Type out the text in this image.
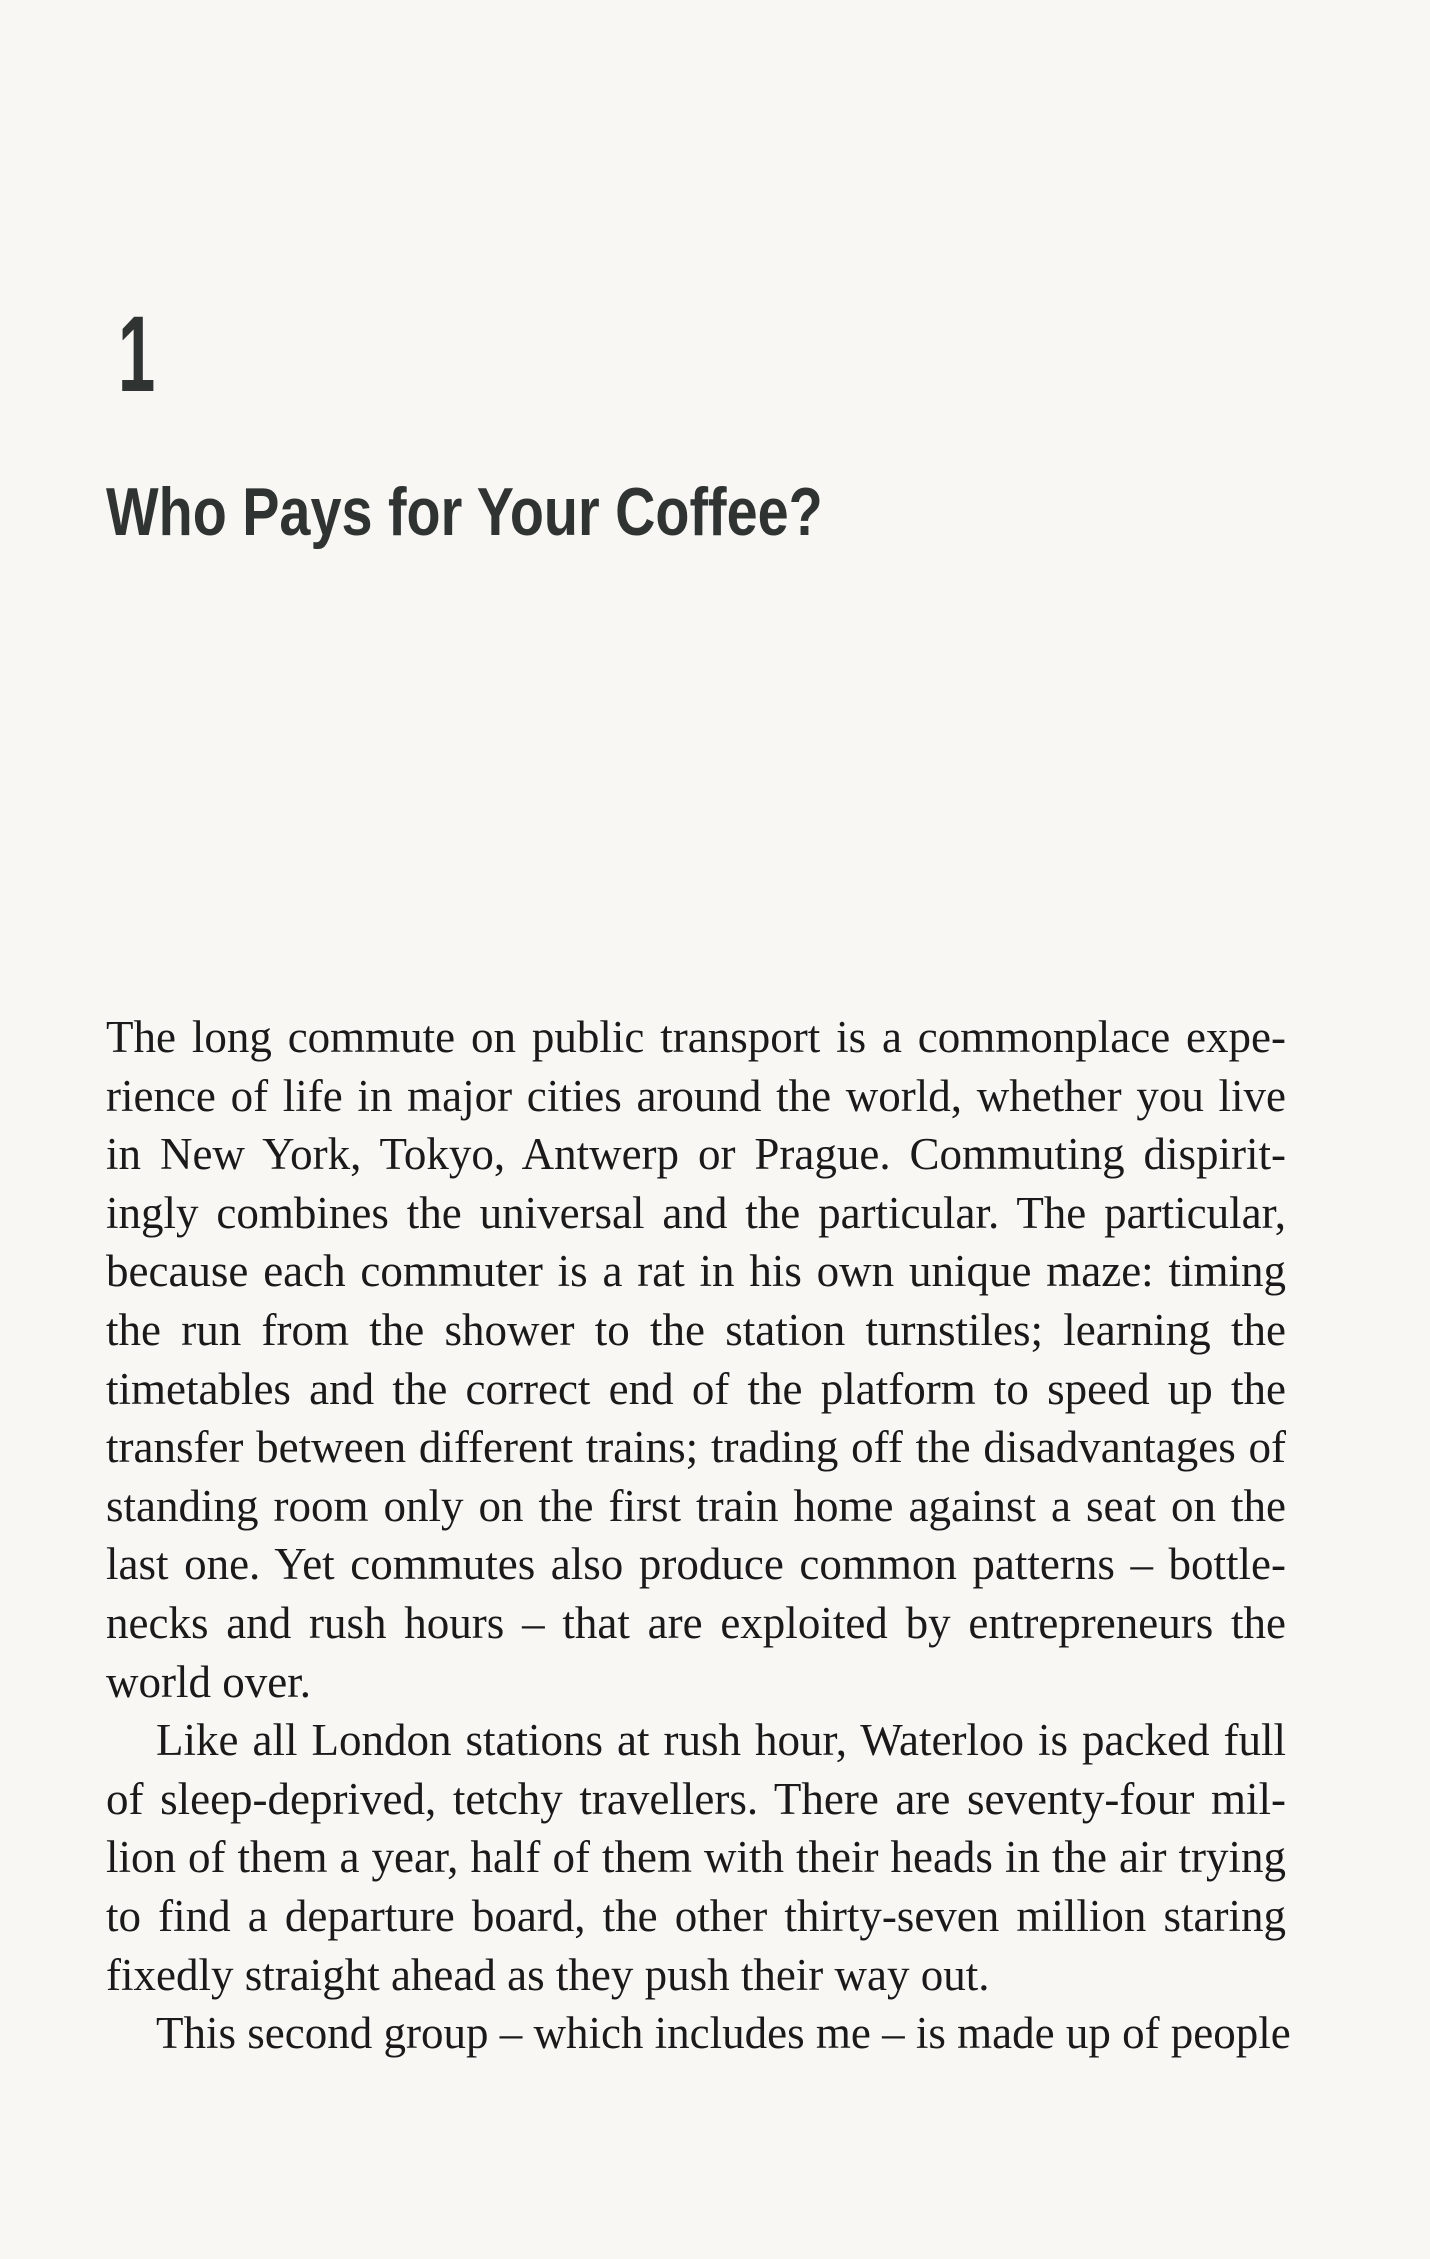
1
Who Pays for Your Coffee?

The long commute on public transport is a commonplace expe-
rience of life in major cities around the world, whether you live
in New York, Tokyo, Antwerp or Prague. Commuting dispirit-
ingly combines the universal and the particular. The particular,
because each commuter is a rat in his own unique maze: timing
the run from the shower to the station turnstiles; learning the
timetables and the correct end of the platform to speed up the
transfer between different trains; trading off the disadvantages of
standing room only on the first train home against a seat on the
last one. Yet commutes also produce common patterns – bottle-
necks and rush hours – that are exploited by entrepreneurs the
world over.

Like all London stations at rush hour, Waterloo is packed full
of sleep-deprived, tetchy travellers. There are seventy-four mil-
lion of them a year, half of them with their heads in the air trying
to find a departure board, the other thirty-seven million staring
fixedly straight ahead as they push their way out.

This second group – which includes me – is made up of people
